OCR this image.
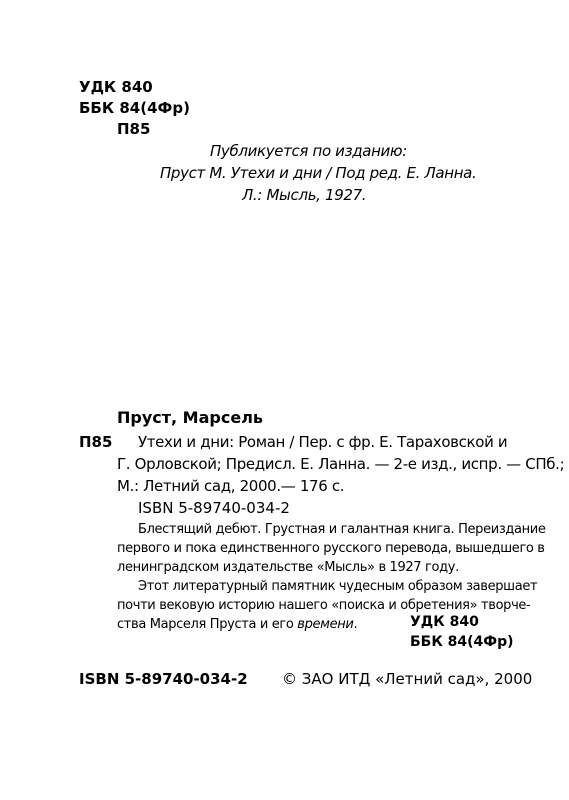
УДК 840
ББК 84(4Фр)
П85
Публикуется по изданию:
Пруст М. Утехи и дни / Под ред. Е. Ланна.
Л.: Мысль, 1927.
Пруст, Марсель
П85 Утехи и дни: Роман / Пер. с фр. Е. Тараховской и
Г. Орловской; Предисл. Е. Ланна. — 2-е изд., испр. — СПб.;
М.: Летний сад, 2000.— 176 с.
ISBN 5-89740-034-2
Блестящий дебют. Грустная и галантная книга. Переиздание
первого и пока единственного русского перевода, вышедшего в
ленинградском издательстве «Мысль» в 1927 году.
Этот литературный памятник чудесным образом завершает
почти вековую историю нашего «поиска и обретения» творче-
ства Марселя Пруста и его времени.	УДК 840
ББК 84(4Фр)
ISBN 5-89740-034-2 © ЗАО ИТД «Летний сад», 2000
